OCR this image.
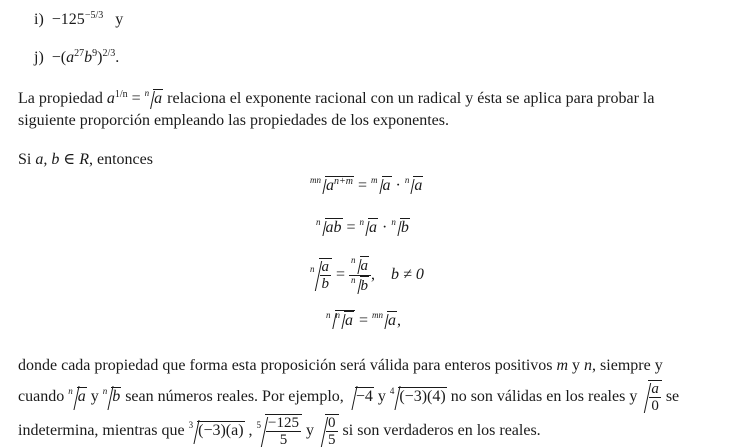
$i) -125^{-5/3}$ y
$j) -(a^{27}b^9)^{2/3}$.
La propiedad $a^{1/n} = ^n$ a relaciona el exponente racional con un radical y ésta se aplica para probar la
siguiente proporción empleando las propiedades de los exponentes.
Si a, b ∈ R, entonces
$^{mn}$ $a^{n+m} = ^m$ a · $^n$ a
$^n$ ab = $^n$ a · $^n$ b
$^n \frac{a}{b} = \frac{^n a}{^n b}$ , b ≠ 0
$^n$ $^n$ a = $^{mn}$ a,
donde cada propiedad que forma esta proposición será válida para enteros positivos m y n, siempre y
cuando $^n$ a y $^n$ b sean números reales. Por ejemplo, −4 y $^4$ (−3)(4) no son válidas en los reales y $\frac{a}{0}$ se
indetermina, mientras que $^3$ (−3)(a) , $^5 \frac{-125}{5}$ y $\frac{0}{5}$ si son verdaderos en los reales.
